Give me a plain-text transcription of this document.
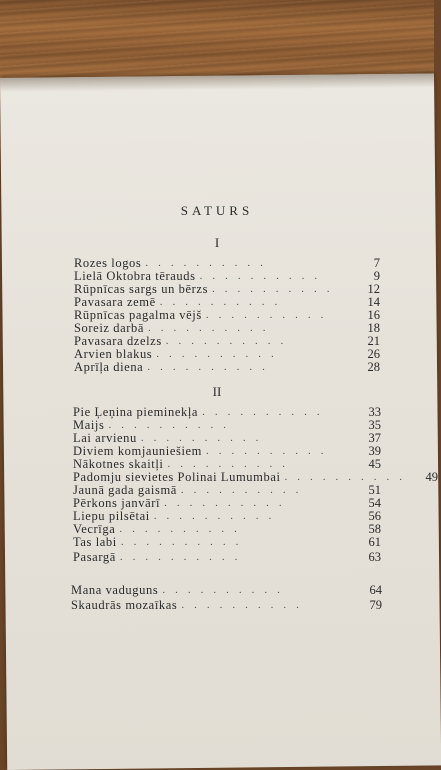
SATURS
I
II
Rozes logos ..........	7
Lielā Oktobra tērauds ..........	9
Rūpnīcas sargs un bērzs ..........	12
Pavasara zemē ..........	14
Rūpnīcas pagalma vējš ..........	16
Soreiz darbā ..........	18
Pavasara dzelzs ..........	21
Arvien blakus ..........	26
Aprīļa diena ..........	28
Pie Ļeņina pieminekļa ..........	33
Maijs ..........	35
Lai arvienu ..........	37
Diviem komjauniešiem ..........	39
Nākotnes skaitļi ..........	45
Padomju sievietes Polinai Lumumbai ..........	49
Jaunā gada gaismā ..........	51
Pērkons janvārī ..........	54
Liepu pilsētai ..........	56
Vecrīga ..........	58
Tas labi ..........	61
Pasargā ..........	63
Mana vaduguns ..........	64
Skaudrās mozaīkas ..........	79
